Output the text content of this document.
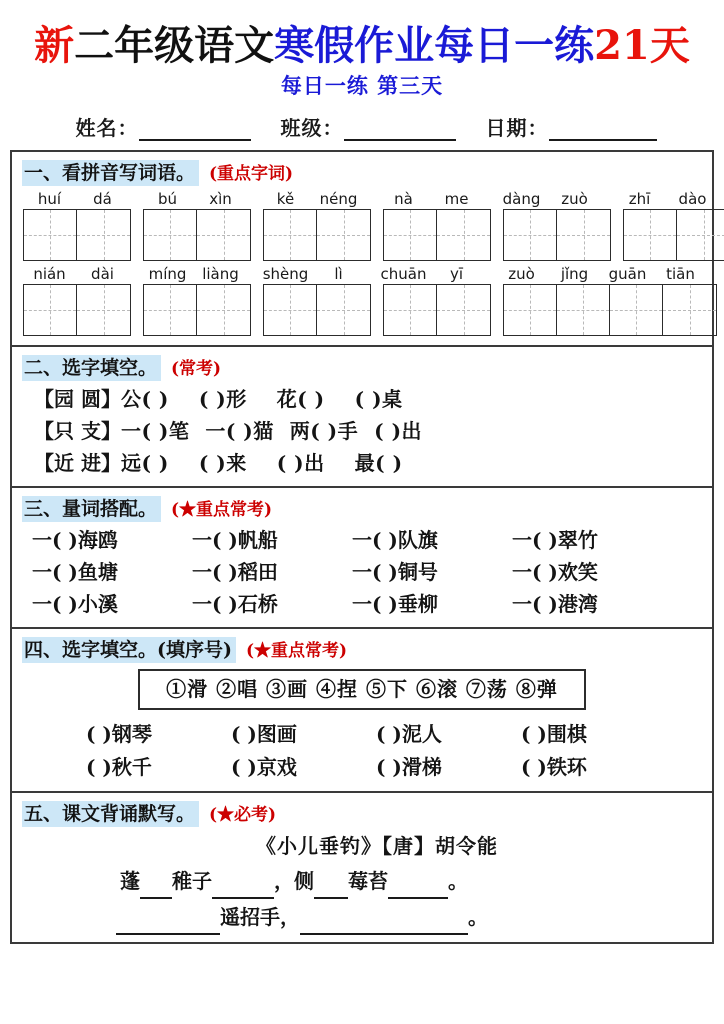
新二年级语文寒假作业每日一练21天
每日一练 第三天
姓名：	班级：	日期：
一、看拼音写词语。 (重点字词)
huí	dá	bú	xìn	kě	néng	nà	me	dàng	zuò	zhī	dào
nián	dài	míng	liàng	shèng	lì	chuān	yī	zuò	jǐng	guān	tiān
二、选字填空。 (常考)
【园 圆】公( ) ( )形 花( ) ( )桌
【只 支】一( )笔 一( )猫 两( )手 ( )出
【近 进】远( ) ( )来 ( )出 最( )
三、量词搭配。 (★重点常考)
一( )海鸥	一( )帆船	一( )队旗	一( )翠竹
一( )鱼塘	一( )稻田	一( )铜号	一( )欢笑
一( )小溪	一( )石桥	一( )垂柳	一( )港湾
四、选字填空。(填序号) (★重点常考)
①滑 ②唱 ③画 ④捏 ⑤下 ⑥滚 ⑦荡 ⑧弹
( )钢琴	( )图画	( )泥人	( )围棋
( )秋千	( )京戏	( )滑梯	( )铁环
五、课文背诵默写。 (★必考)
《小儿垂钓》【唐】胡令能
蓬 稚子	，侧 莓苔	。
遥招手，	。
